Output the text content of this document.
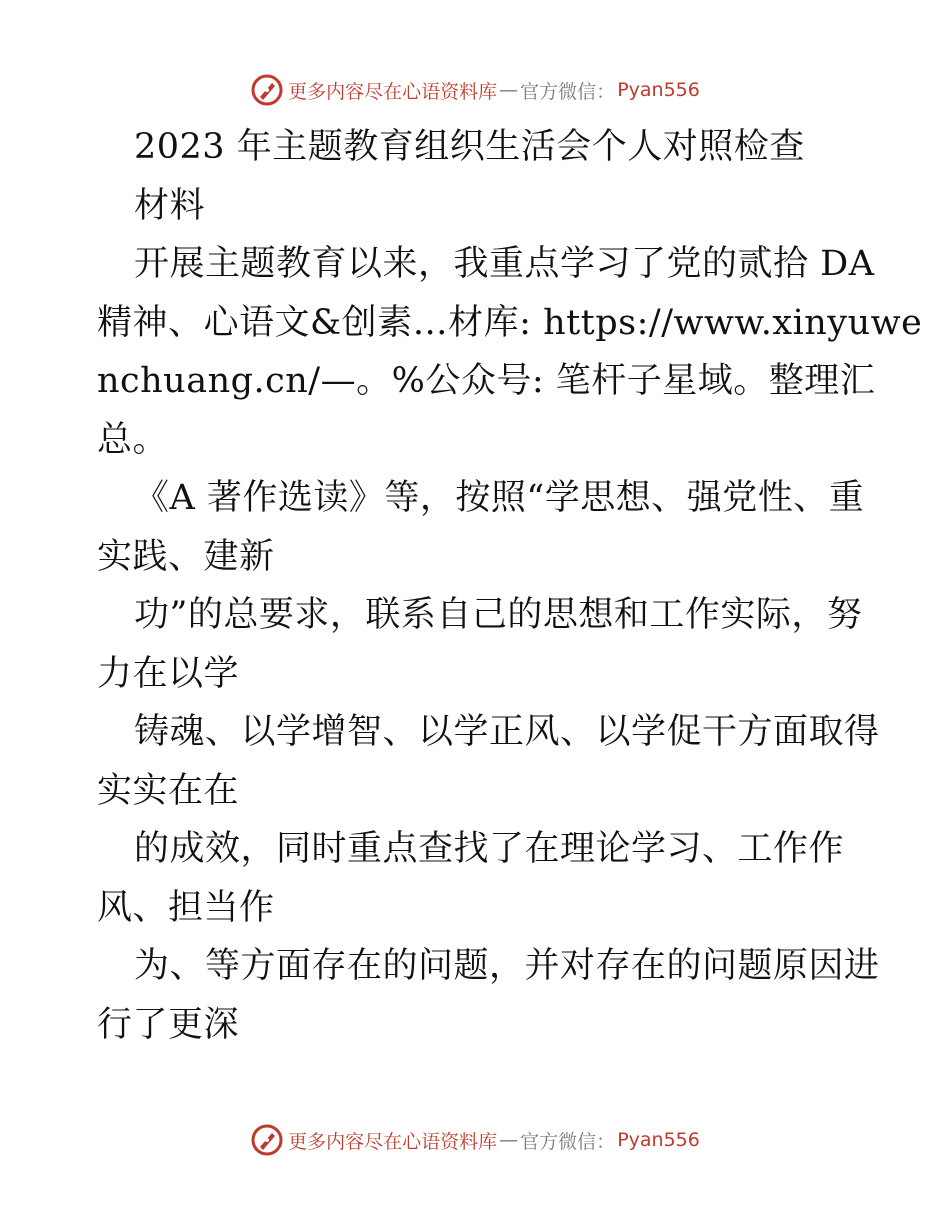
更多内容尽在心语资料库 — 官方微信： Pyan556
2023 年主题教育组织生活会个人对照检查
材料
开展主题教育以来，我重点学习了党的贰拾 DA
精神、心语文&创素…材库: https://www.xinyuwe
nchuang.cn/—。%公众号: 笔杆子星域。整理汇
总。
《A 著作选读》等，按照“学思想、强党性、重
实践、建新
功”的总要求，联系自己的思想和工作实际，努
力在以学
铸魂、以学增智、以学正风、以学促干方面取得
实实在在
的成效，同时重点查找了在理论学习、工作作
风、担当作
为、等方面存在的问题，并对存在的问题原因进
行了更深
更多内容尽在心语资料库 — 官方微信： Pyan556
